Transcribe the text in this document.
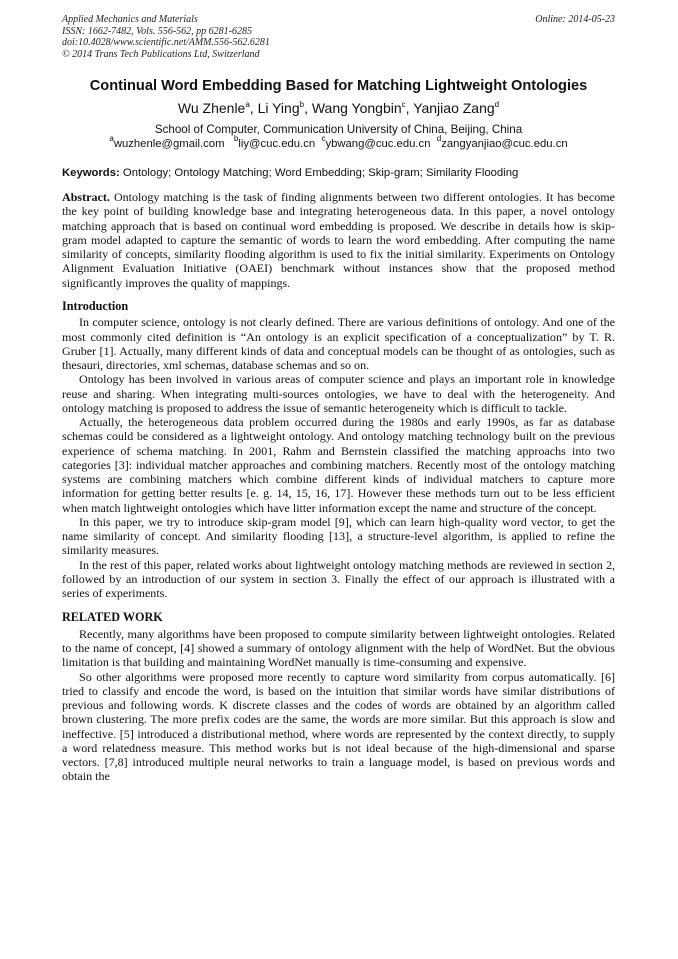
Applied Mechanics and Materials	Online: 2014-05-23
ISSN: 1662-7482, Vols. 556-562, pp 6281-6285
doi:10.4028/www.scientific.net/AMM.556-562.6281
© 2014 Trans Tech Publications Ltd, Switzerland
Continual Word Embedding Based for Matching Lightweight Ontologies
Wu Zhenle$^a$, Li Ying$^b$, Wang Yongbin$^c$, Yanjiao Zang$^d$
School of Computer, Communication University of China, Beijing, China
$^a$wuzhenle@gmail.com $^b$liy@cuc.edu.cn $^c$ybwang@cuc.edu.cn $^d$zangyanjiao@cuc.edu.cn
Keywords: Ontology; Ontology Matching; Word Embedding; Skip-gram; Similarity Flooding
Abstract. Ontology matching is the task of finding alignments between two different ontologies. It has become the key point of building knowledge base and integrating heterogeneous data. In this paper, a novel ontology matching approach that is based on continual word embedding is proposed. We describe in details how is skip-gram model adapted to capture the semantic of words to learn the word embedding. After computing the name similarity of concepts, similarity flooding algorithm is used to fix the initial similarity. Experiments on Ontology Alignment Evaluation Initiative (OAEI) benchmark without instances show that the proposed method significantly improves the quality of mappings.
Introduction

In computer science, ontology is not clearly defined. There are various definitions of ontology. And one of the most commonly cited definition is “An ontology is an explicit specification of a conceptualization” by T. R. Gruber [1]. Actually, many different kinds of data and conceptual models can be thought of as ontologies, such as thesauri, directories, xml schemas, database schemas and so on.

Ontology has been involved in various areas of computer science and plays an important role in knowledge reuse and sharing. When integrating multi-sources ontologies, we have to deal with the heterogeneity. And ontology matching is proposed to address the issue of semantic heterogeneity which is difficult to tackle.

Actually, the heterogeneous data problem occurred during the 1980s and early 1990s, as far as database schemas could be considered as a lightweight ontology. And ontology matching technology built on the previous experience of schema matching. In 2001, Rahm and Bernstein classified the matching approachs into two categories [3]: individual matcher approaches and combining matchers. Recently most of the ontology matching systems are combining matchers which combine different kinds of individual matchers to capture more information for getting better results [e. g. 14, 15, 16, 17]. However these methods turn out to be less efficient when match lightweight ontologies which have litter information except the name and structure of the concept.

In this paper, we try to introduce skip-gram model [9], which can learn high-quality word vector, to get the name similarity of concept. And similarity flooding [13], a structure-level algorithm, is applied to refine the similarity measures.

In the rest of this paper, related works about lightweight ontology matching methods are reviewed in section 2, followed by an introduction of our system in section 3. Finally the effect of our approach is illustrated with a series of experiments.

RELATED WORK

Recently, many algorithms have been proposed to compute similarity between lightweight ontologies. Related to the name of concept, [4] showed a summary of ontology alignment with the help of WordNet. But the obvious limitation is that building and maintaining WordNet manually is time-consuming and expensive.

So other algorithms were proposed more recently to capture word similarity from corpus automatically. [6] tried to classify and encode the word, is based on the intuition that similar words have similar distributions of previous and following words. K discrete classes and the codes of words are obtained by an algorithm called brown clustering. The more prefix codes are the same, the words are more similar. But this approach is slow and ineffective. [5] introduced a distributional method, where words are represented by the context directly, to supply a word relatedness measure. This method works but is not ideal because of the high-dimensional and sparse vectors. [7,8] introduced multiple neural networks to train a language model, is based on previous words and obtain the
